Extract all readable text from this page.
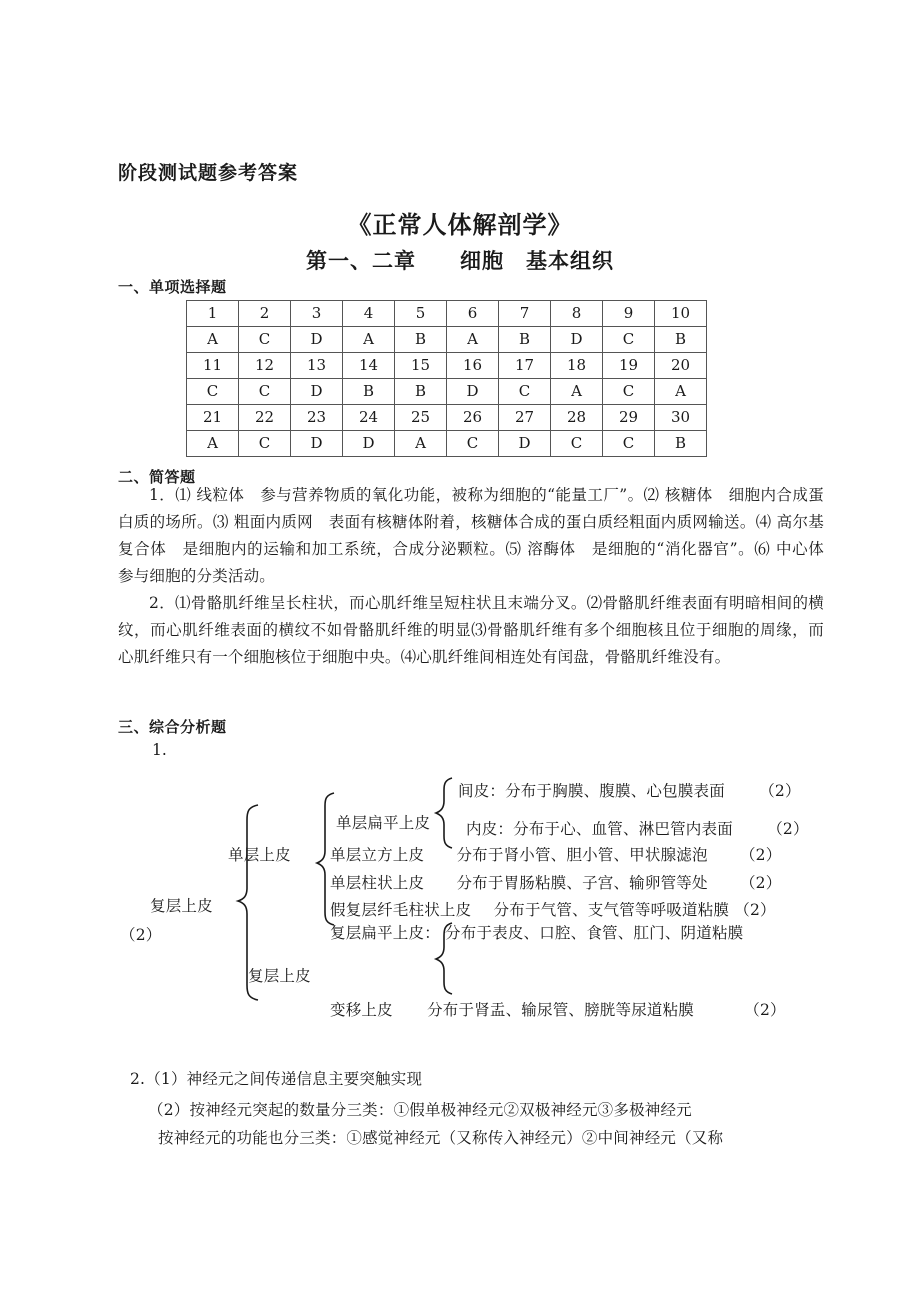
阶段测试题参考答案
《正常人体解剖学》
第一、二章　　细胞　基本组织
一、单项选择题
1	2	3	4	5	6	7	8	9	10
A	C	D	A	B	A	B	D	C	B
11	12	13	14	15	16	17	18	19	20
C	C	D	B	B	D	C	A	C	A
21	22	23	24	25	26	27	28	29	30
A	C	D	D	A	C	D	C	C	B
二、简答题
1．⑴ 线粒体　参与营养物质的氧化功能，被称为细胞的“能量工厂”。⑵ 核糖体　细胞内合成蛋白质的场所。⑶ 粗面内质网　表面有核糖体附着，核糖体合成的蛋白质经粗面内质网输送。⑷ 高尔基复合体　是细胞内的运输和加工系统，合成分泌颗粒。⑸ 溶酶体　是细胞的“消化器官”。⑹ 中心体　参与细胞的分类活动。
2．⑴骨骼肌纤维呈长柱状，而心肌纤维呈短柱状且末端分叉。⑵骨骼肌纤维表面有明暗相间的横纹，而心肌纤维表面的横纹不如骨骼肌纤维的明显⑶骨骼肌纤维有多个细胞核且位于细胞的周缘，而心肌纤维只有一个细胞核位于细胞中央。⑷心肌纤维间相连处有闰盘，骨骼肌纤维没有。
三、综合分析题
1.
复层上皮
（2）
单层上皮
复层上皮
单层扁平上皮
间皮：分布于胸膜、腹膜、心包膜表面 （2）
内皮：分布于心、血管、淋巴管内表面 （2）
单层立方上皮 分布于肾小管、胆小管、甲状腺滤泡 （2）
单层柱状上皮 分布于胃肠粘膜、子宫、输卵管等处 （2）
假复层纤毛柱状上皮 分布于气管、支气管等呼吸道粘膜 （2）
复层扁平上皮： 分布于表皮、口腔、食管、肛门、阴道粘膜
变移上皮 分布于肾盂、输尿管、膀胱等尿道粘膜	（2）
2.（1）神经元之间传递信息主要突触实现
（2）按神经元突起的数量分三类：①假单极神经元②双极神经元③多极神经元
按神经元的功能也分三类：①感觉神经元（又称传入神经元）②中间神经元（又称
